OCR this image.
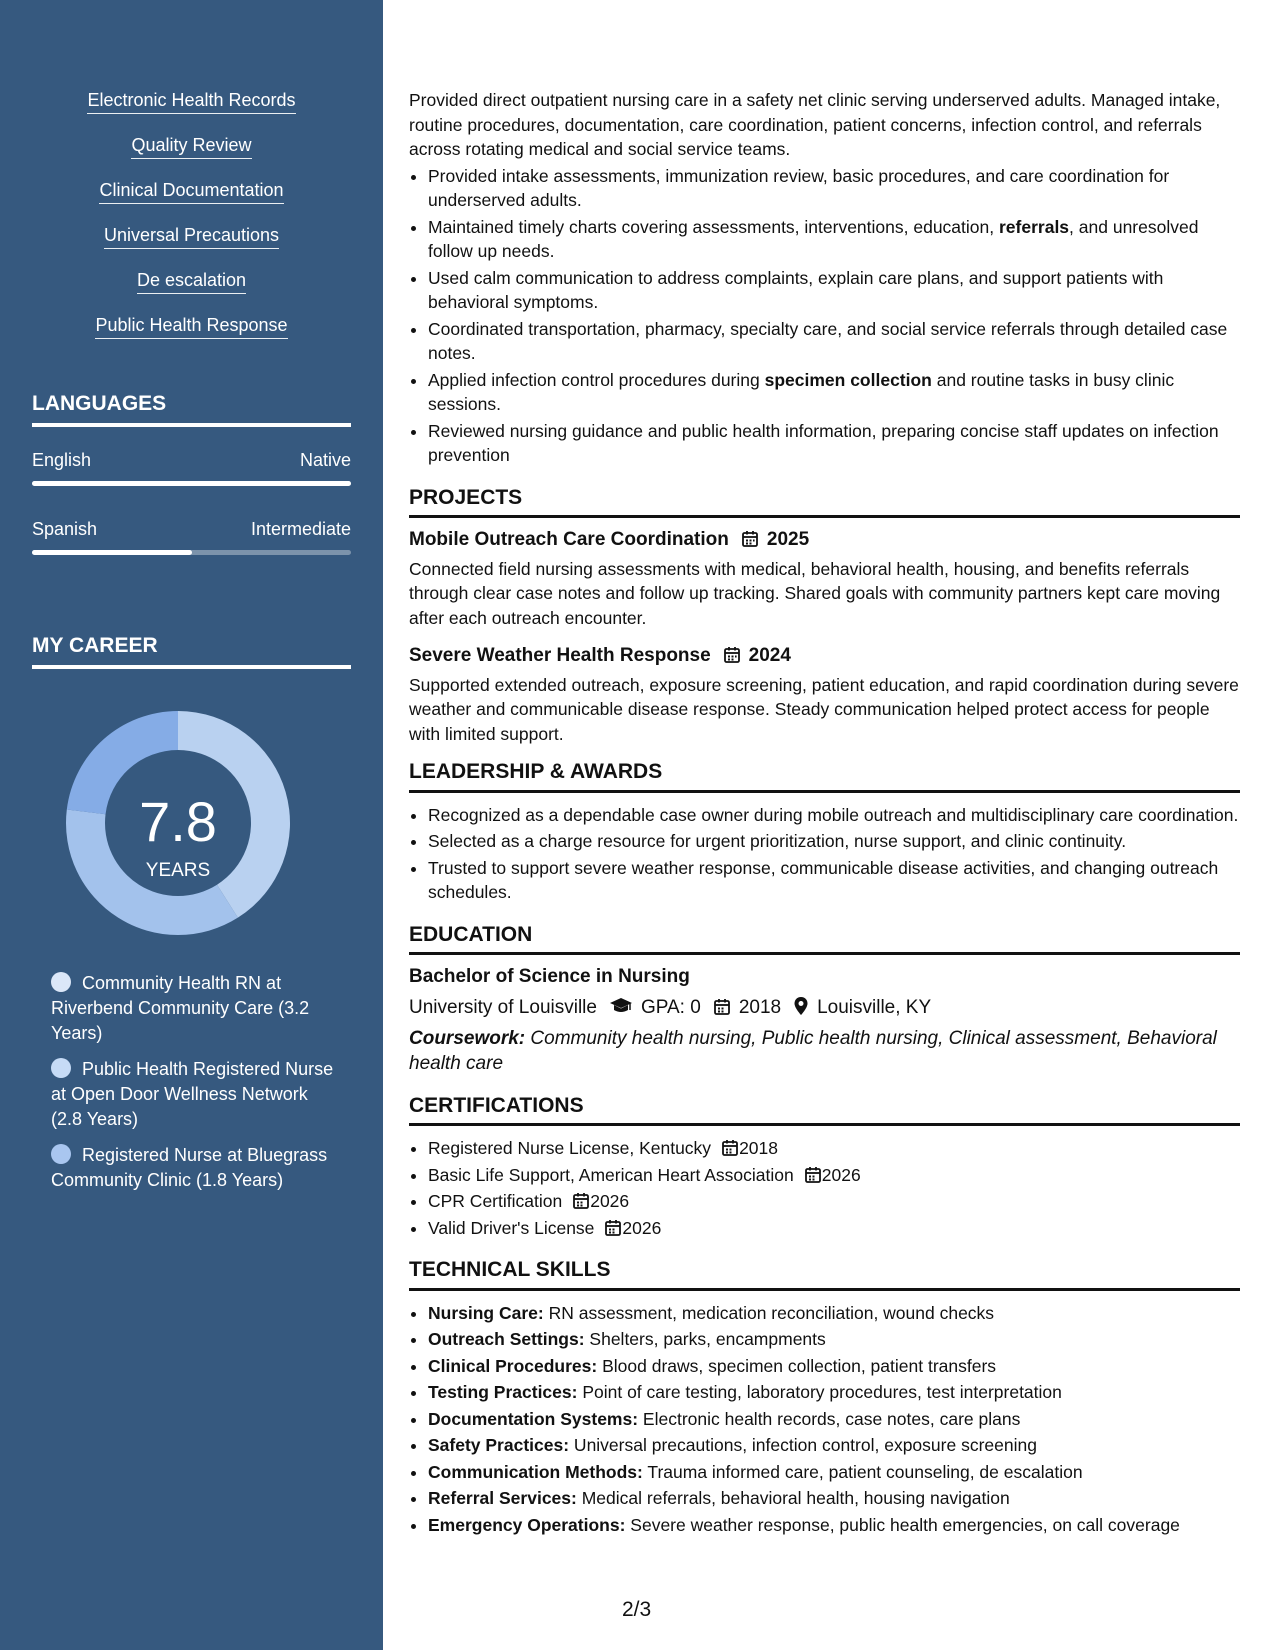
Electronic Health Records
Quality Review
Clinical Documentation
Universal Precautions
De escalation
Public Health Response
LANGUAGES
English	Native
Spanish	Intermediate
MY CAREER
7.8
YEARS
Community Health RN at Riverbend Community Care (3.2 Years)
Public Health Registered Nurse at Open Door Wellness Network (2.8 Years)
Registered Nurse at Bluegrass Community Clinic (1.8 Years)

Provided direct outpatient nursing care in a safety net clinic serving underserved adults. Managed intake, routine procedures, documentation, care coordination, patient concerns, infection control, and referrals across rotating medical and social service teams.

• Provided intake assessments, immunization review, basic procedures, and care coordination for underserved adults.
• Maintained timely charts covering assessments, interventions, education, referrals, and unresolved follow up needs.
• Used calm communication to address complaints, explain care plans, and support patients with behavioral symptoms.
• Coordinated transportation, pharmacy, specialty care, and social service referrals through detailed case notes.
• Applied infection control procedures during specimen collection and routine tasks in busy clinic sessions.
• Reviewed nursing guidance and public health information, preparing concise staff updates on infection prevention
PROJECTS
Mobile Outreach Care Coordination 2025

Connected field nursing assessments with medical, behavioral health, housing, and benefits referrals through clear case notes and follow up tracking. Shared goals with community partners kept care moving after each outreach encounter.

Severe Weather Health Response 2024

Supported extended outreach, exposure screening, patient education, and rapid coordination during severe weather and communicable disease response. Steady communication helped protect access for people with limited support.

LEADERSHIP & AWARDS
• Recognized as a dependable case owner during mobile outreach and multidisciplinary care coordination.
• Selected as a charge resource for urgent prioritization, nurse support, and clinic continuity.
• Trusted to support severe weather response, communicable disease activities, and changing outreach schedules.
EDUCATION
Bachelor of Science in Nursing
University of Louisville GPA: 0 2018 Louisville, KY
Coursework: Community health nursing, Public health nursing, Clinical assessment, Behavioral health care
CERTIFICATIONS
• Registered Nurse License, Kentucky 2018
• Basic Life Support, American Heart Association 2026
• CPR Certification 2026
• Valid Driver's License 2026
TECHNICAL SKILLS
• Nursing Care: RN assessment, medication reconciliation, wound checks
• Outreach Settings: Shelters, parks, encampments
• Clinical Procedures: Blood draws, specimen collection, patient transfers
• Testing Practices: Point of care testing, laboratory procedures, test interpretation
• Documentation Systems: Electronic health records, case notes, care plans
• Safety Practices: Universal precautions, infection control, exposure screening
• Communication Methods: Trauma informed care, patient counseling, de escalation
• Referral Services: Medical referrals, behavioral health, housing navigation
• Emergency Operations: Severe weather response, public health emergencies, on call coverage
2/3
